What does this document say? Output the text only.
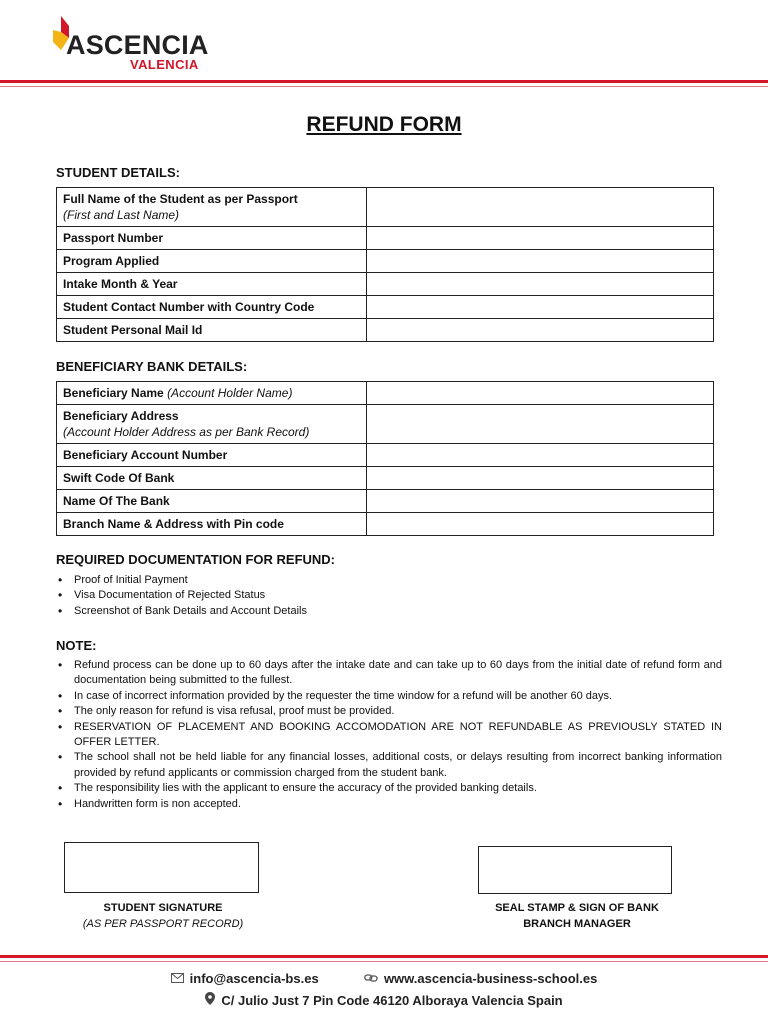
ASCENCIA
VALENCIA
REFUND FORM
STUDENT DETAILS:
Full Name of the Student as per Passport
(First and Last Name)	

Passport Number	
Program Applied	
Intake Month & Year	
Student Contact Number with Country Code	
Student Personal Mail Id	
BENEFICIARY BANK DETAILS:
Beneficiary Name (Account Holder Name)	

Beneficiary Address
(Account Holder Address as per Bank Record)	

Beneficiary Account Number	
Swift Code Of Bank	
Name Of The Bank	
Branch Name & Address with Pin code	
REQUIRED DOCUMENTATION FOR REFUND:
• Proof of Initial Payment
• Visa Documentation of Rejected Status
• Screenshot of Bank Details and Account Details
NOTE:
• Refund process can be done up to 60 days after the intake date and can take up to 60 days from the initial date of refund form and documentation being submitted to the fullest.
• In case of incorrect information provided by the requester the time window for a refund will be another 60 days.
• The only reason for refund is visa refusal, proof must be provided.
• RESERVATION OF PLACEMENT AND BOOKING ACCOMODATION ARE NOT REFUNDABLE AS PREVIOUSLY STATED IN OFFER LETTER.
• The school shall not be held liable for any financial losses, additional costs, or delays resulting from incorrect banking information provided by refund applicants or commission charged from the student bank.
• The responsibility lies with the applicant to ensure the accuracy of the provided banking details.
• Handwritten form is non accepted.
STUDENT SIGNATURE
(AS PER PASSPORT RECORD)
SEAL STAMP & SIGN OF BANK
BRANCH MANAGER
info@ascencia-bs.es	www.ascencia-business-school.es
C/ Julio Just 7 Pin Code 46120 Alboraya Valencia Spain
